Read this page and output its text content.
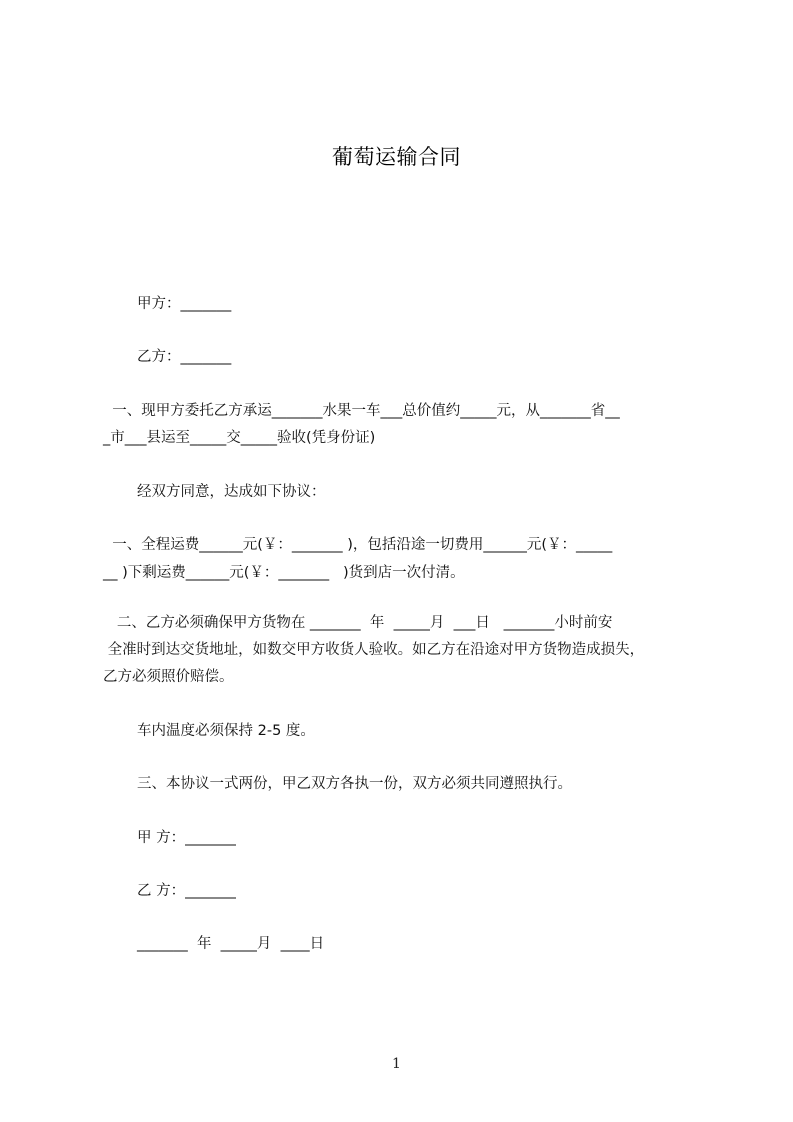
葡萄运输合同
甲方：_______
乙方：_______
一、现甲方委托乙方承运_______水果一车___总价值约_____元，从_______省__
_市___县运至_____交_____验收(凭身份证)
经双方同意，达成如下协议：
一、全程运费______元(￥：_______ )，包括沿途一切费用______元(￥：_____
__ )下剩运费______元(￥：_______   )货到店一次付清。
二、乙方必须确保甲方货物在 _______  年  _____月  ___日   _______小时前安
全准时到达交货地址，如数交甲方收货人验收。如乙方在沿途对甲方货物造成损失，
乙方必须照价赔偿。
车内温度必须保持 2-5 度。
三、本协议一式两份，甲乙双方各执一份，双方必须共同遵照执行。
甲 方：_______
乙 方：_______
_______  年  _____月  ____日
1
